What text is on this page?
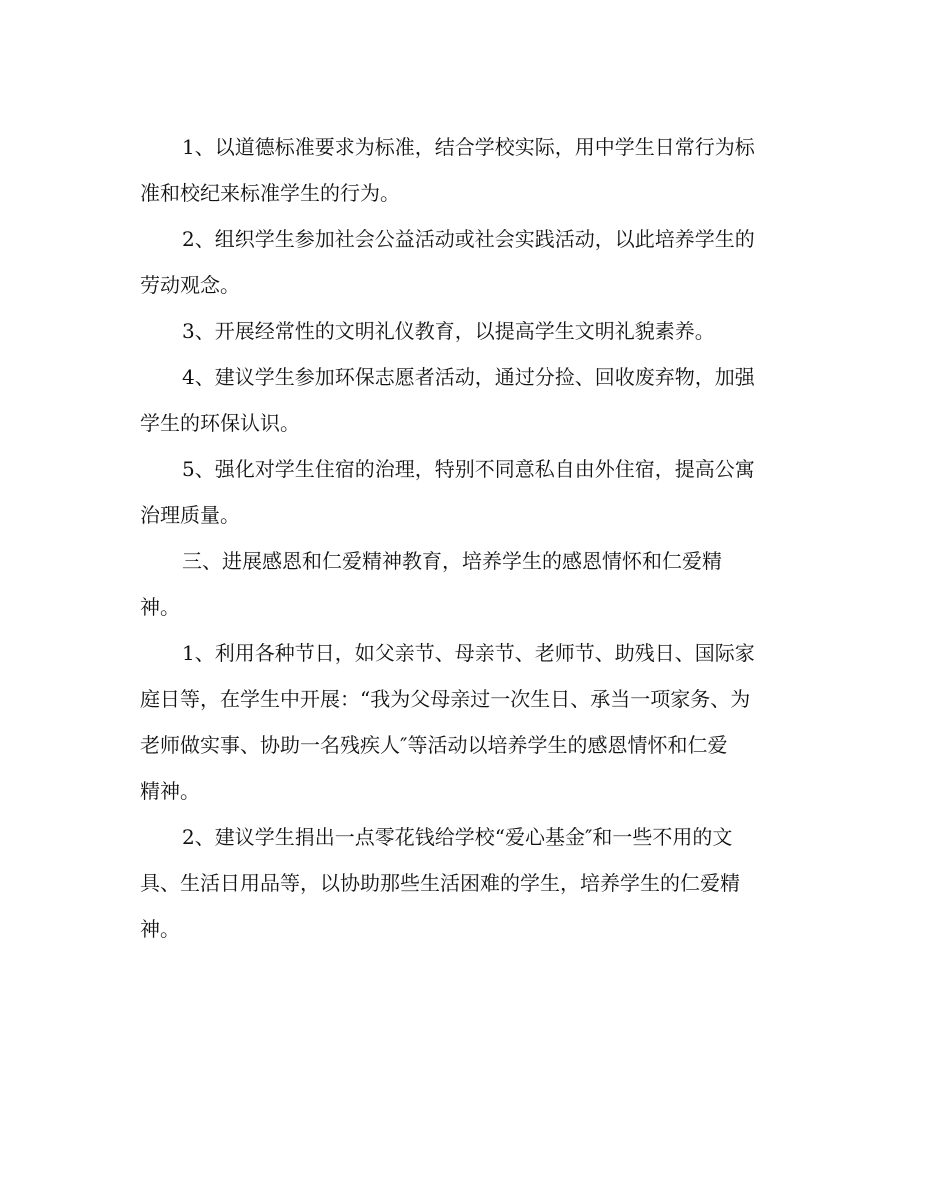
1、以道德标准要求为标准，结合学校实际，用中学生日常行为标
准和校纪来标准学生的行为。
2、组织学生参加社会公益活动或社会实践活动，以此培养学生的
劳动观念。
3、开展经常性的文明礼仪教育，以提高学生文明礼貌素养。
4、建议学生参加环保志愿者活动，通过分捡、回收废弃物，加强
学生的环保认识。
5、强化对学生住宿的治理，特别不同意私自由外住宿，提高公寓
治理质量。
三、进展感恩和仁爱精神教育，培养学生的感恩情怀和仁爱精
神。
1、利用各种节日，如父亲节、母亲节、老师节、助残日、国际家
庭日等，在学生中开展：“我为父母亲过一次生日、承当一项家务、为
老师做实事、协助一名残疾人″等活动以培养学生的感恩情怀和仁爱
精神。
2、建议学生捐出一点零花钱给学校“爱心基金″和一些不用的文
具、生活日用品等，以协助那些生活困难的学生，培养学生的仁爱精
神。
